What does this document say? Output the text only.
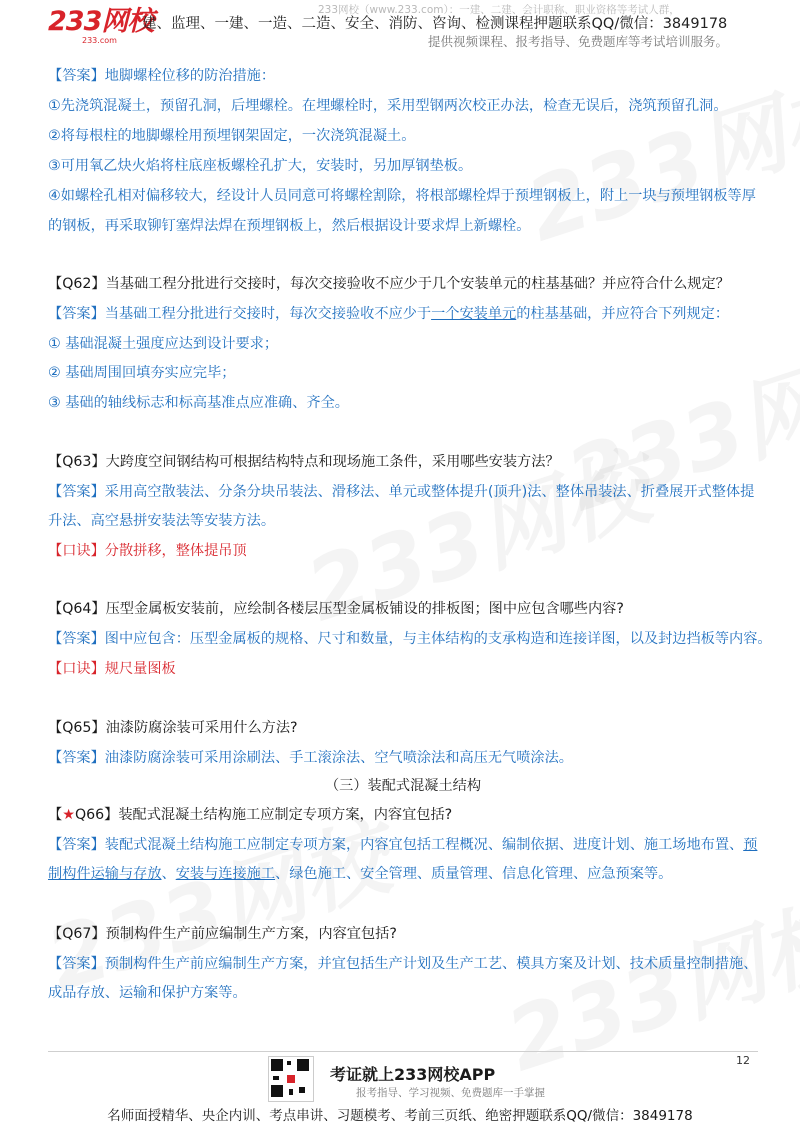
233网校
233.com
233网校（www.233.com）：一建、二建、会计职称、职业资格等考试人群，
建、监理、一建、一造、二造、安全、消防、咨询、检测课程押题联系QQ/微信：3849178
提供视频课程、报考指导、免费题库等考试培训服务。
【答案】地脚螺栓位移的防治措施：
①先浇筑混凝土，预留孔洞，后埋螺栓。在埋螺栓时，采用型钢两次校正办法，检查无误后，浇筑预留孔洞。
②将每根柱的地脚螺栓用预埋钢架固定，一次浇筑混凝土。
③可用氧乙炔火焰将柱底座板螺栓孔扩大，安装时，另加厚钢垫板。
④如螺栓孔相对偏移较大，经设计人员同意可将螺栓割除，将根部螺栓焊于预埋钢板上，附上一块与预埋钢板等厚
的钢板，再采取铆钉塞焊法焊在预埋钢板上，然后根据设计要求焊上新螺栓。
【Q62】当基础工程分批进行交接时，每次交接验收不应少于几个安装单元的柱基基础？并应符合什么规定？
【答案】当基础工程分批进行交接时，每次交接验收不应少于一个安装单元的柱基基础，并应符合下列规定：
① 基础混凝土强度应达到设计要求；
② 基础周围回填夯实应完毕；
③ 基础的轴线标志和标高基准点应准确、齐全。
【Q63】大跨度空间钢结构可根据结构特点和现场施工条件，采用哪些安装方法？
【答案】采用高空散装法、分条分块吊装法、滑移法、单元或整体提升(顶升)法、整体吊装法、折叠展开式整体提
升法、高空悬拼安装法等安装方法。
【口诀】分散拼移，整体提吊顶
【Q64】压型金属板安装前，应绘制各楼层压型金属板铺设的排板图；图中应包含哪些内容?
【答案】图中应包含：压型金属板的规格、尺寸和数量，与主体结构的支承构造和连接详图，以及封边挡板等内容。
【口诀】规尺量图板
【Q65】油漆防腐涂装可采用什么方法?
【答案】油漆防腐涂装可采用涂刷法、手工滚涂法、空气喷涂法和高压无气喷涂法。
（三）装配式混凝土结构
【★Q66】装配式混凝土结构施工应制定专项方案，内容宜包括?
【答案】装配式混凝土结构施工应制定专项方案，内容宜包括工程概况、编制依据、进度计划、施工场地布置、预
制构件运输与存放、安装与连接施工、绿色施工、安全管理、质量管理、信息化管理、应急预案等。
【Q67】预制构件生产前应编制生产方案，内容宜包括?
【答案】预制构件生产前应编制生产方案，并宜包括生产计划及生产工艺、模具方案及计划、技术质量控制措施、
成品存放、运输和保护方案等。
12
考证就上233网校APP
报考指导、学习视频、免费题库一手掌握
名师面授精华、央企内训、考点串讲、习题模考、考前三页纸、绝密押题联系QQ/微信：3849178
